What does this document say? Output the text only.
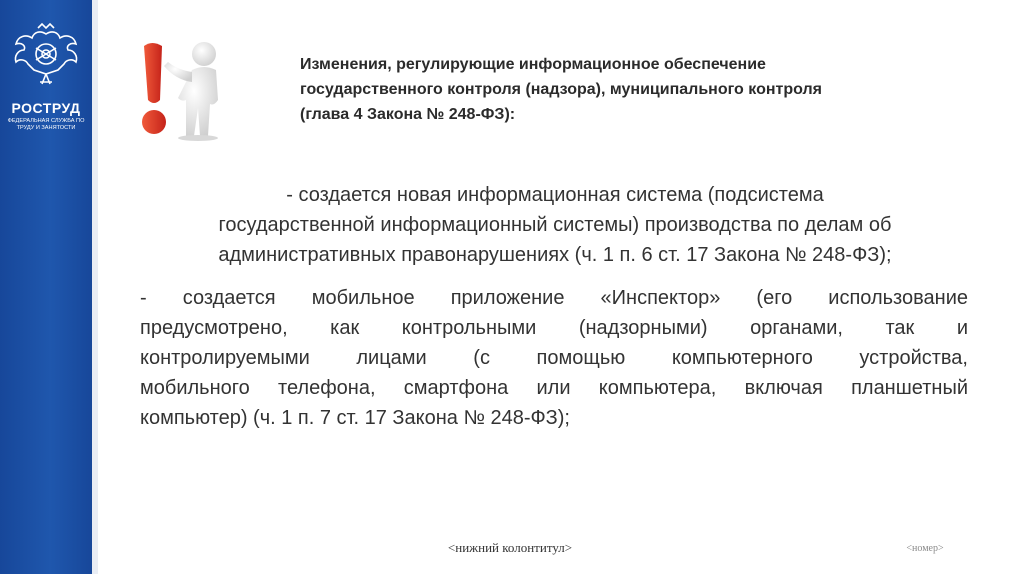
РОСТРУД
ФЕДЕРАЛЬНАЯ СЛУЖБА ПО ТРУДУ И ЗАНЯТОСТИ
Изменения, регулирующие информационное обеспечение
государственного контроля (надзора), муниципального контроля
(глава 4 Закона № 248-ФЗ):
- создается новая информационная система (подсистема
государственной информационный системы) производства по делам об
административных правонарушениях (ч. 1 п. 6 ст. 17 Закона № 248-ФЗ);
- создается мобильное приложение «Инспектор» (его использование
предусмотрено, как контрольными (надзорными) органами, так и
контролируемыми лицами (с помощью компьютерного устройства,
мобильного телефона, смартфона или компьютера, включая планшетный
компьютер) (ч. 1 п. 7 ст. 17 Закона № 248-ФЗ);
<нижний колонтитул>	<номер>
